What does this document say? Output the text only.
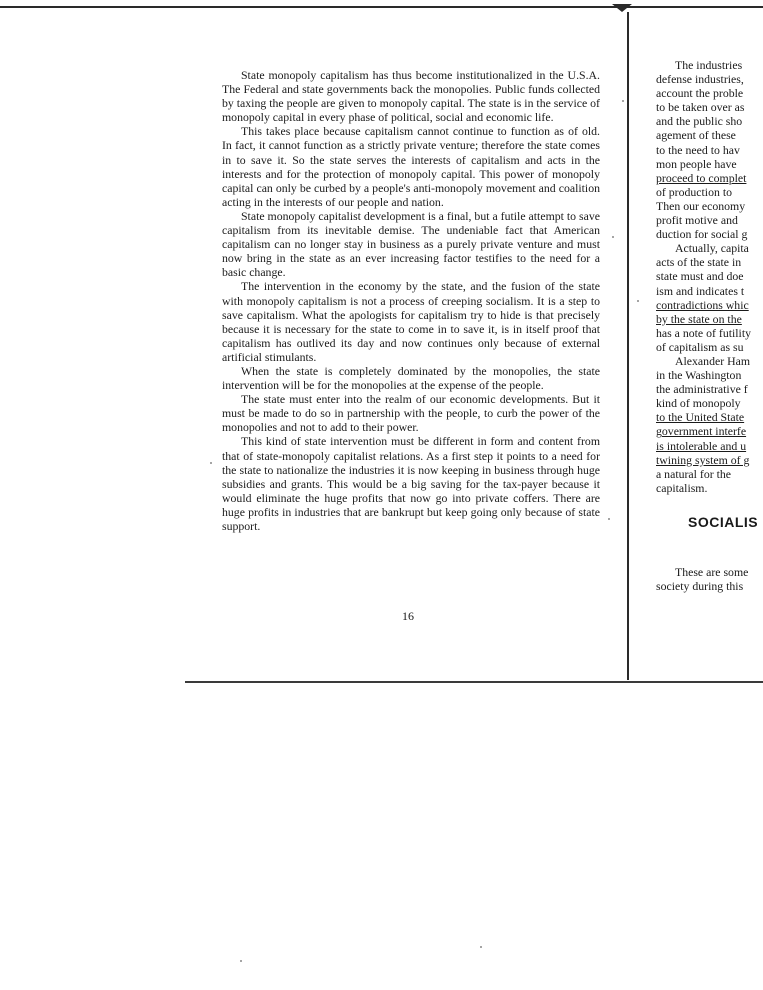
State monopoly capitalism has thus become institutionalized in the U.S.A. The Federal and state governments back the monopolies. Public funds collected by taxing the people are given to monopoly capital. The state is in the service of monopoly capital in every phase of political, social and economic life.

This takes place because capitalism cannot continue to function as of old. In fact, it cannot function as a strictly private venture; therefore the state comes in to save it. So the state serves the interests of capitalism and acts in the interests and for the protection of monopoly capital. This power of monopoly capital can only be curbed by a people's anti-monopoly movement and coalition acting in the interests of our people and nation.

State monopoly capitalist development is a final, but a futile attempt to save capitalism from its inevitable demise. The undeniable fact that American capitalism can no longer stay in business as a purely private venture and must now bring in the state as an ever increasing factor testifies to the need for a basic change.

The intervention in the economy by the state, and the fusion of the state with monopoly capitalism is not a process of creeping socialism. It is a step to save capitalism. What the apologists for capitalism try to hide is that precisely because it is necessary for the state to come in to save it, is in itself proof that capitalism has outlived its day and now continues only because of external artificial stimulants.

When the state is completely dominated by the monopolies, the state intervention will be for the monopolies at the expense of the people.

The state must enter into the realm of our economic developments. But it must be made to do so in partnership with the people, to curb the power of the monopolies and not to add to their power.

This kind of state intervention must be different in form and content from that of state-monopoly capitalist relations. As a first step it points to a need for the state to nationalize the industries it is now keeping in business through huge subsidies and grants. This would be a big saving for the tax-payer because it would eliminate the huge profits that now go into private coffers. There are huge profits in industries that are bankrupt but keep going only because of state support.

16
The industries
defense industries,
account the proble
to be taken over as
and the public sho
agement of these
to the need to hav
mon people have
proceed to complet
of production to
Then our economy
profit motive and
duction for social g
Actually, capita
acts of the state in
state must and doe
ism and indicates t
contradictions whic
by the state on the
has a note of futility
of capitalism as su
Alexander Ham
in the Washington
the administrative f
kind of monopoly
to the United State
government interfe
is intolerable and u
twining system of g
a natural for the
capitalism.
SOCIALIS
These are some
society during this
